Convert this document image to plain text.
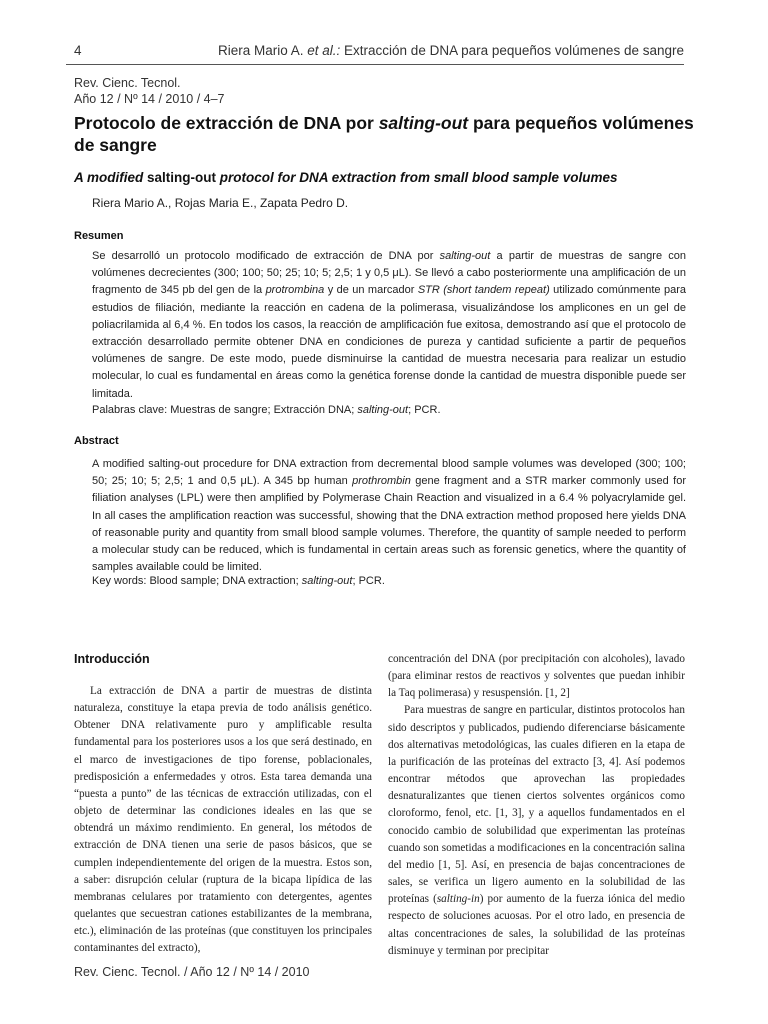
4	Riera Mario A. et al.: Extracción de DNA para pequeños volúmenes de sangre
Rev. Cienc. Tecnol.
Año 12 / Nº 14 / 2010 / 4–7
Protocolo de extracción de DNA por salting-out para pequeños volúmenes de sangre
A modified salting-out protocol for DNA extraction from small blood sample volumes
Riera Mario A., Rojas Maria E., Zapata Pedro D.
Resumen
Se desarrolló un protocolo modificado de extracción de DNA por salting-out a partir de muestras de sangre con volúmenes decrecientes (300; 100; 50; 25; 10; 5; 2,5; 1 y 0,5 μL). Se llevó a cabo posteriormente una amplificación de un fragmento de 345 pb del gen de la protrombina y de un marcador STR (short tandem repeat) utilizado comúnmente para estudios de filiación, mediante la reacción en cadena de la polimerasa, visualizándose los amplicones en un gel de poliacrilamida al 6,4 %. En todos los casos, la reacción de amplificación fue exitosa, demostrando así que el protocolo de extracción desarrollado permite obtener DNA en condiciones de pureza y cantidad suficiente a partir de pequeños volúmenes de sangre. De este modo, puede disminuirse la cantidad de muestra necesaria para realizar un estudio molecular, lo cual es fundamental en áreas como la genética forense donde la cantidad de muestra disponible puede ser limitada.
Palabras clave: Muestras de sangre; Extracción DNA; salting-out; PCR.
Abstract
A modified salting-out procedure for DNA extraction from decremental blood sample volumes was developed (300; 100; 50; 25; 10; 5; 2,5; 1 and 0,5 μL). A 345 bp human prothrombin gene fragment and a STR marker commonly used for filiation analyses (LPL) were then amplified by Polymerase Chain Reaction and visualized in a 6.4 % polyacrylamide gel. In all cases the amplification reaction was successful, showing that the DNA extraction method proposed here yields DNA of reasonable purity and quantity from small blood sample volumes. Therefore, the quantity of sample needed to perform a molecular study can be reduced, which is fundamental in certain areas such as forensic genetics, where the quantity of samples available could be limited.
Key words: Blood sample; DNA extraction; salting-out; PCR.
Introducción

La extracción de DNA a partir de muestras de distinta naturaleza, constituye la etapa previa de todo análisis genético. Obtener DNA relativamente puro y amplificable resulta fundamental para los posteriores usos a los que será destinado, en el marco de investigaciones de tipo forense, poblacionales, predisposición a enfermedades y otros. Esta tarea demanda una “puesta a punto” de las técnicas de extracción utilizadas, con el objeto de determinar las condiciones ideales en las que se obtendrá un máximo rendimiento. En general, los métodos de extracción de DNA tienen una serie de pasos básicos, que se cumplen independientemente del origen de la muestra. Estos son, a saber: disrupción celular (ruptura de la bicapa lipídica de las membranas celulares por tratamiento con detergentes, agentes quelantes que secuestran cationes estabilizantes de la membrana, etc.), eliminación de las proteínas (que constituyen los principales contaminantes del extracto),

concentración del DNA (por precipitación con alcoholes), lavado (para eliminar restos de reactivos y solventes que puedan inhibir la Taq polimerasa) y resuspensión. [1, 2]

Para muestras de sangre en particular, distintos protocolos han sido descriptos y publicados, pudiendo diferenciarse básicamente dos alternativas metodológicas, las cuales difieren en la etapa de la purificación de las proteínas del extracto [3, 4]. Así podemos encontrar métodos que aprovechan las propiedades desnaturalizantes que tienen ciertos solventes orgánicos como cloroformo, fenol, etc. [1, 3], y a aquellos fundamentados en el conocido cambio de solubilidad que experimentan las proteínas cuando son sometidas a modificaciones en la concentración salina del medio [1, 5]. Así, en presencia de bajas concentraciones de sales, se verifica un ligero aumento en la solubilidad de las proteínas (salting-in) por aumento de la fuerza iónica del medio respecto de soluciones acuosas. Por el otro lado, en presencia de altas concentraciones de sales, la solubilidad de las proteínas disminuye y terminan por precipitar

Rev. Cienc. Tecnol. / Año 12 / Nº 14 / 2010
